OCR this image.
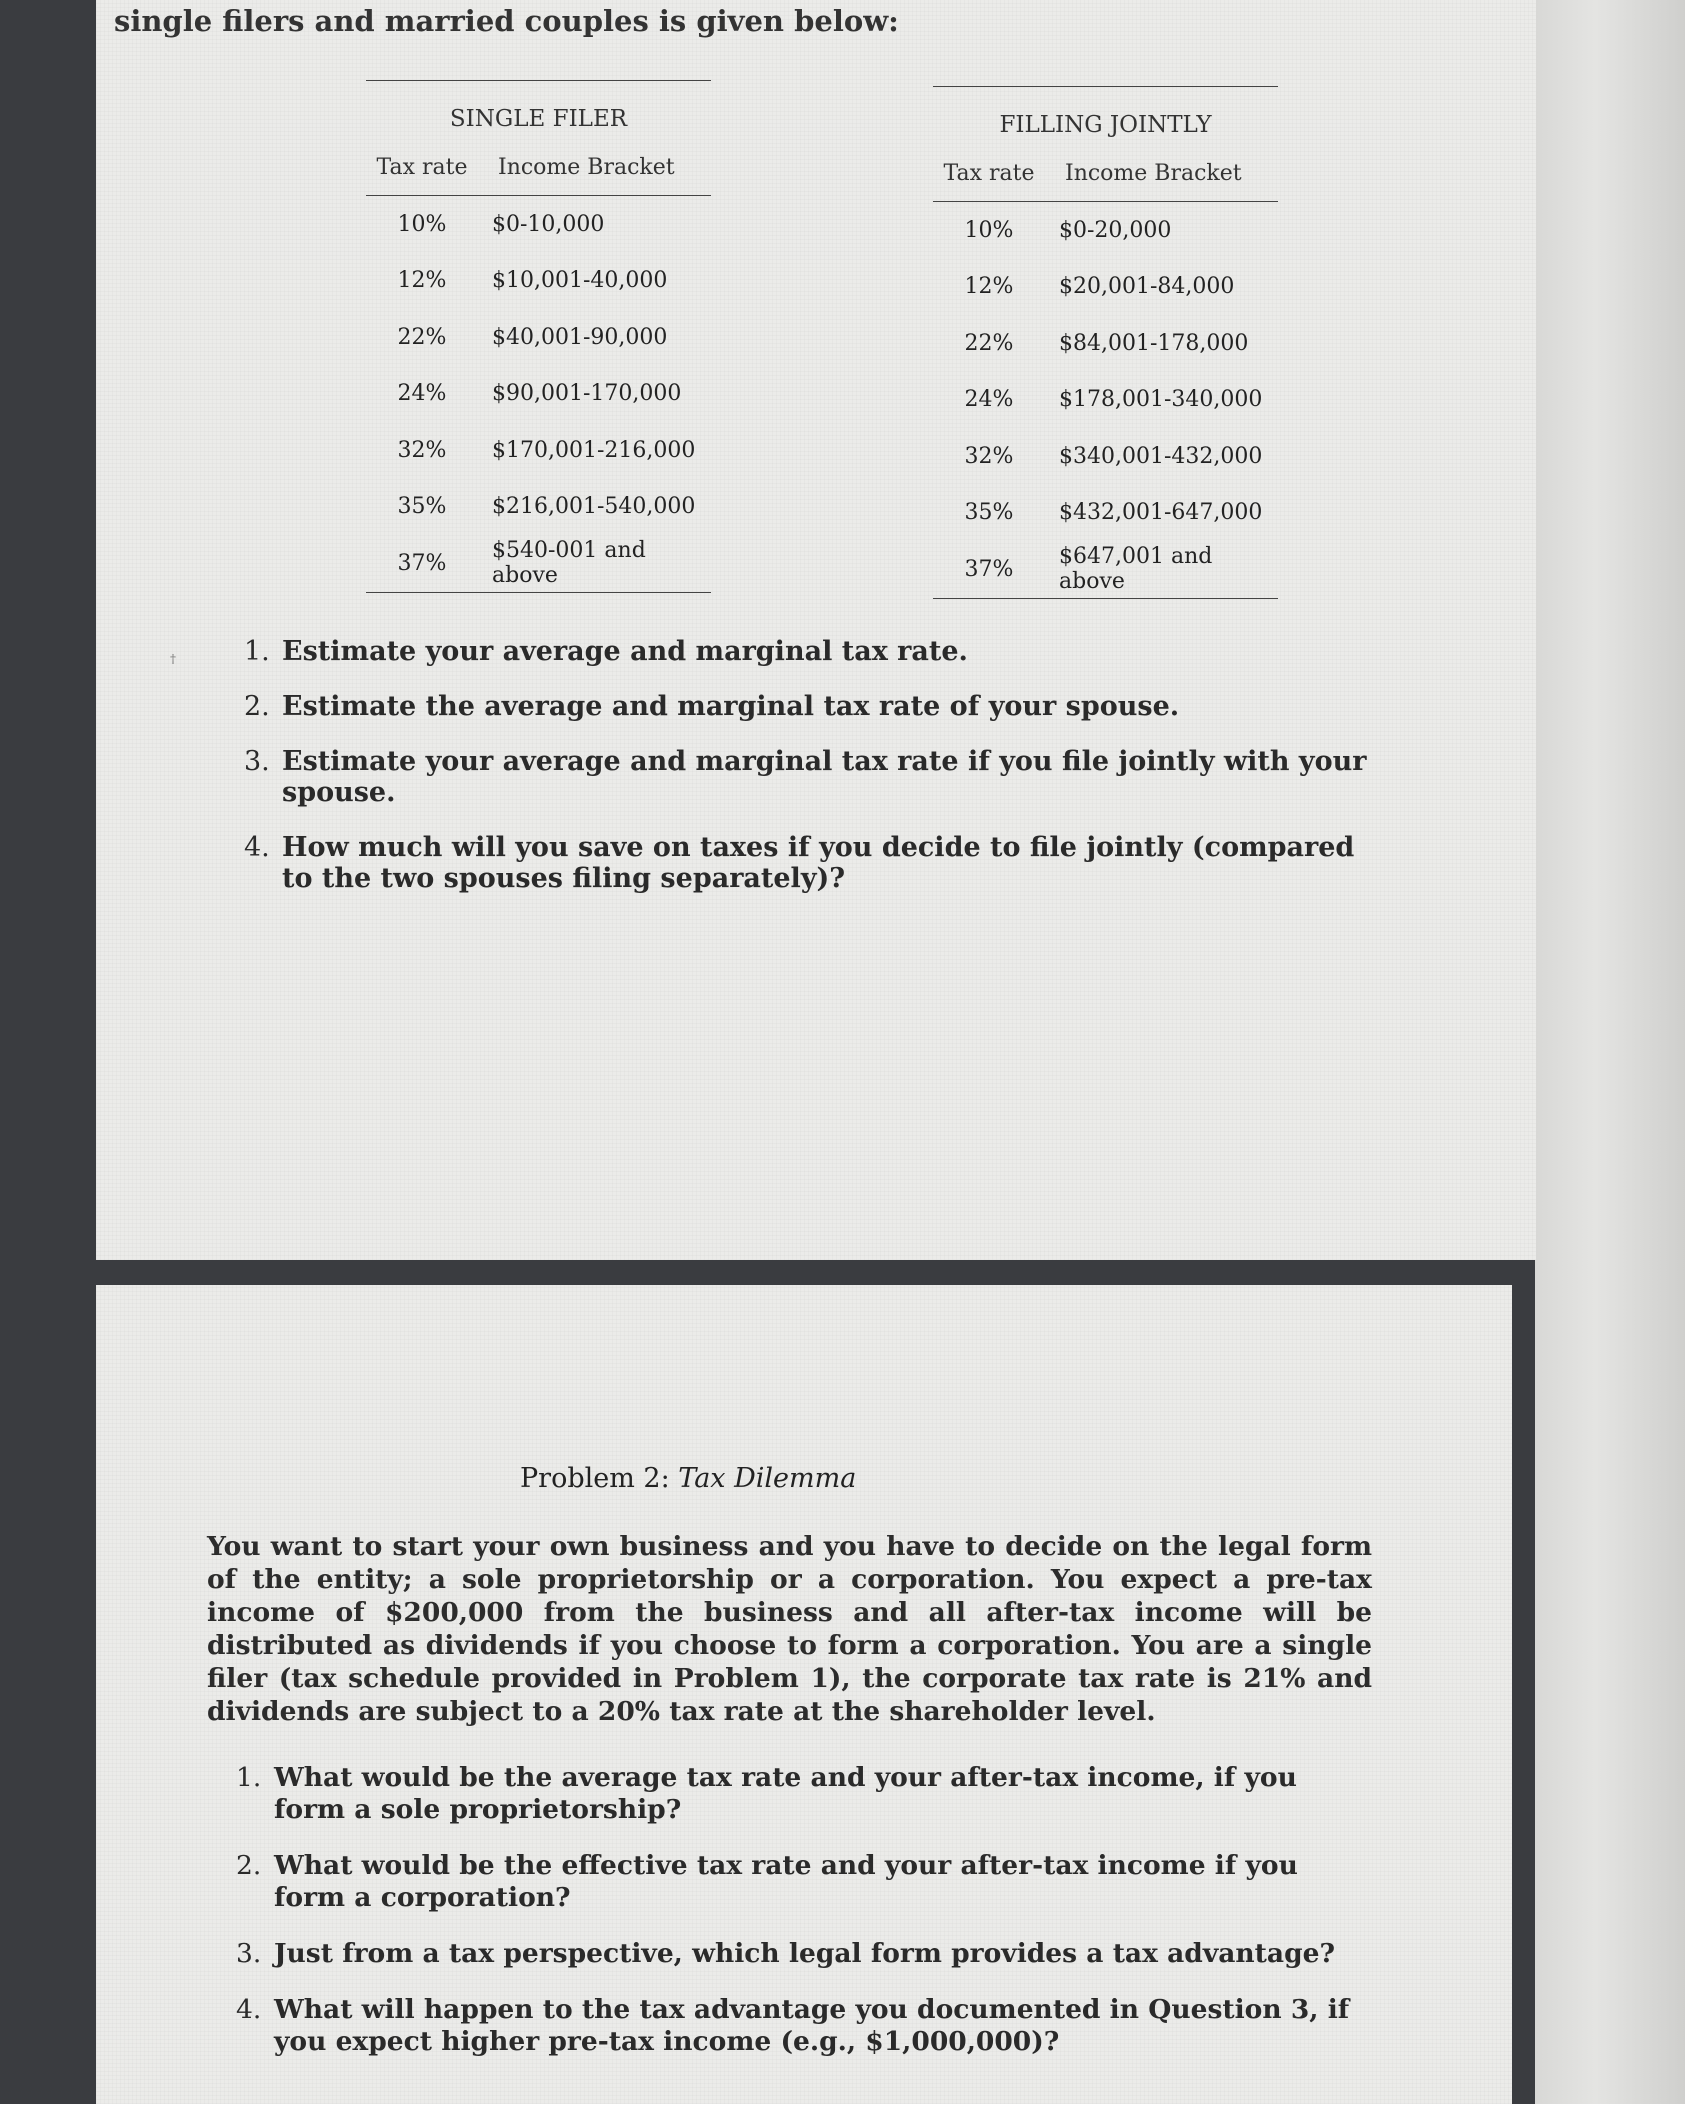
single filers and married couples is given below:
SINGLE FILER
Tax rate	Income Bracket
10%	$0-10,000
12%	$10,001-40,000
22%	$40,001-90,000
24%	$90,001-170,000
32%	$170,001-216,000
35%	$216,001-540,000
37%	$540-001 and above
FILLING JOINTLY
Tax rate	Income Bracket
10%	$0-20,000
12%	$20,001-84,000
22%	$84,001-178,000
24%	$178,001-340,000
32%	$340,001-432,000
35%	$432,001-647,000
37%	$647,001 and above
†	1. Estimate your average and marginal tax rate.
2. Estimate the average and marginal tax rate of your spouse.
3. Estimate your average and marginal tax rate if you file jointly with your spouse.
4. How much will you save on taxes if you decide to file jointly (compared to the two spouses filing separately)?
Problem 2: Tax Dilemma
You want to start your own business and you have to decide on the legal form of the entity; a sole proprietorship or a corporation. You expect a pre-tax income of $200,000 from the business and all after-tax income will be distributed as dividends if you choose to form a corporation. You are a single filer (tax schedule provided in Problem 1), the corporate tax rate is 21% and dividends are subject to a 20% tax rate at the shareholder level.
1. What would be the average tax rate and your after-tax income, if you form a sole proprietorship?
2. What would be the effective tax rate and your after-tax income if you form a corporation?
3. Just from a tax perspective, which legal form provides a tax advantage?
4. What will happen to the tax advantage you documented in Question 3, if you expect higher pre-tax income (e.g., $1,000,000)?
